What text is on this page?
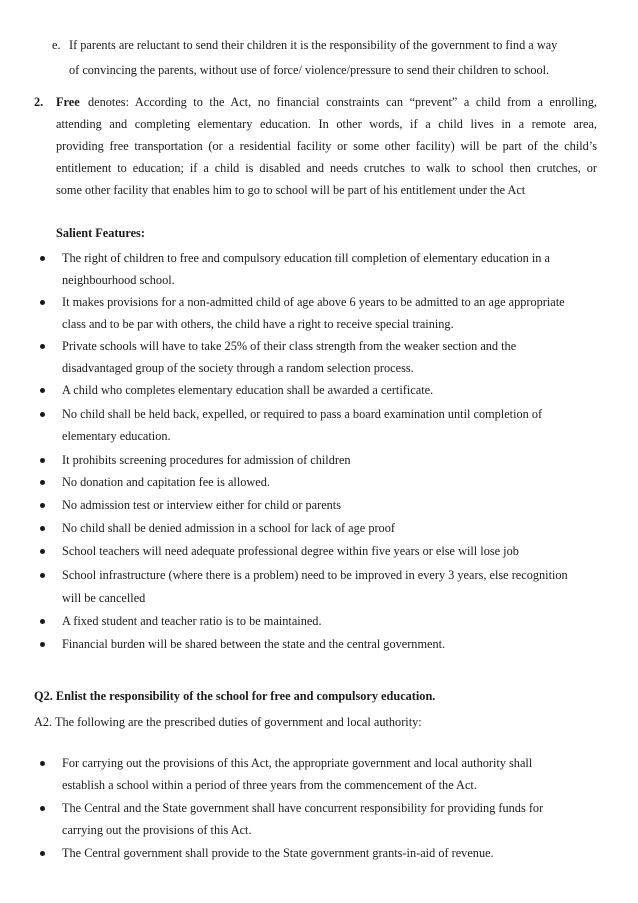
e. If parents are reluctant to send their children it is the responsibility of the government to find a way
of convincing the parents, without use of force/ violence/pressure to send their children to school.
2. Free denotes: According to the Act, no financial constraints can “prevent” a child from a enrolling,
attending and completing elementary education. In other words, if a child lives in a remote area,
providing free transportation (or a residential facility or some other facility) will be part of the child’s
entitlement to education; if a child is disabled and needs crutches to walk to school then crutches, or
some other facility that enables him to go to school will be part of his entitlement under the Act
Salient Features:
The right of children to free and compulsory education till completion of elementary education in a
neighbourhood school.
It makes provisions for a non-admitted child of age above 6 years to be admitted to an age appropriate
class and to be par with others, the child have a right to receive special training.
Private schools will have to take 25% of their class strength from the weaker section and the
disadvantaged group of the society through a random selection process.
A child who completes elementary education shall be awarded a certificate.
No child shall be held back, expelled, or required to pass a board examination until completion of
elementary education.
It prohibits screening procedures for admission of children
No donation and capitation fee is allowed.
No admission test or interview either for child or parents
No child shall be denied admission in a school for lack of age proof
School teachers will need adequate professional degree within five years or else will lose job
School infrastructure (where there is a problem) need to be improved in every 3 years, else recognition
will be cancelled
A fixed student and teacher ratio is to be maintained.
Financial burden will be shared between the state and the central government.
Q2. Enlist the responsibility of the school for free and compulsory education.
A2. The following are the prescribed duties of government and local authority:
For carrying out the provisions of this Act, the appropriate government and local authority shall
establish a school within a period of three years from the commencement of the Act.
The Central and the State government shall have concurrent responsibility for providing funds for
carrying out the provisions of this Act.
The Central government shall provide to the State government grants-in-aid of revenue.
